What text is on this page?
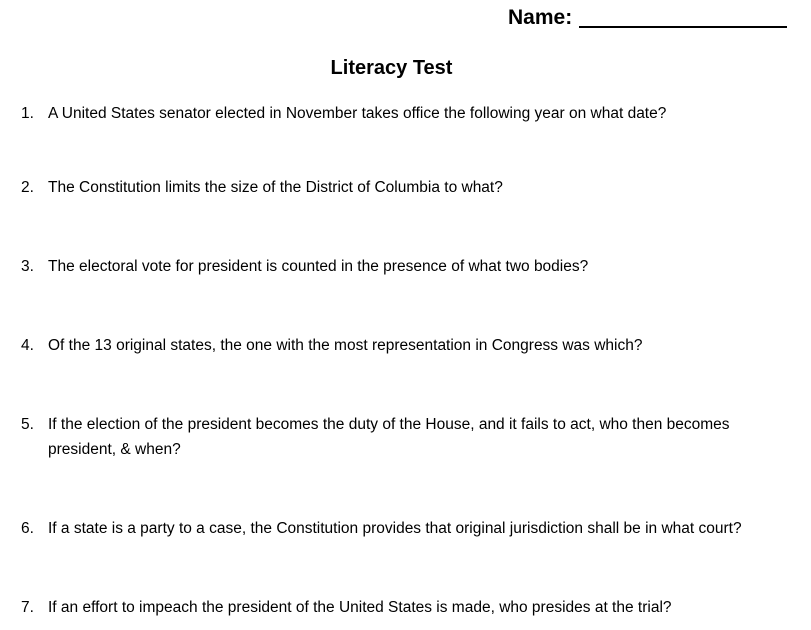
Name:
Literacy Test
1. A United States senator elected in November takes office the following year on what date?
2. The Constitution limits the size of the District of Columbia to what?
3. The electoral vote for president is counted in the presence of what two bodies?
4. Of the 13 original states, the one with the most representation in Congress was which?
5. If the election of the president becomes the duty of the House, and it fails to act, who then becomes president, & when?
6. If a state is a party to a case, the Constitution provides that original jurisdiction shall be in what court?
7. If an effort to impeach the president of the United States is made, who presides at the trial?
